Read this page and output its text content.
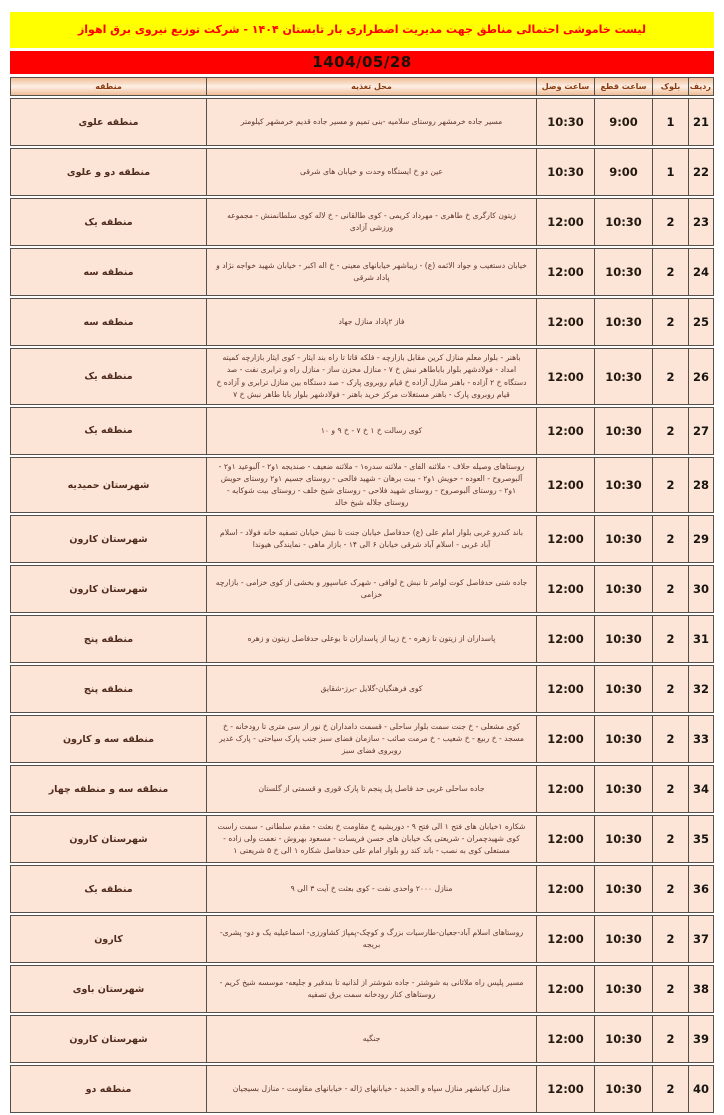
لیست خاموشی احتمالی مناطق جهت مدیریت اضطراری بار تابستان ۱۴۰۴ - شرکت توزیع نیروی برق اهواز
1404/05/28
ردیف	بلوک	ساعت قطع	ساعت وصل	محل تغذیه	منطقه
21	1	9:00	10:30	مسیر جاده خرمشهر روستای سلامیه -بنی تمیم و مسیر جاده قدیم خرمشهر کیلومتر	منطقه علوی
22	1	9:00	10:30	عین دو خ ایستگاه وحدت و خیابان های شرقی	منطقه دو و علوی
23	2	10:30	12:00	زیتون کارگری خ طاهری - مهرداد کریمی - کوی طالقانی - خ لاله کوی سلطانمنش - مجموعه ورزشی آزادی	منطقه یک
24	2	10:30	12:00	خیابان دستغیب و جواد الائمه (ع) - زیباشهر خیابانهای معینی - خ اله اکبر - خیابان شهید خواجه نژاد و پاداد شرقی	منطقه سه
25	2	10:30	12:00	فاز ۲پاداد منازل جهاد	منطقه سه
26	2	10:30	12:00	باهنر - بلوار معلم منازل کرین مقابل بازارچه - فلکه قاتا تا راه بند ایثار - کوی ایثار بازارچه کمیته امداد - فولادشهر بلوار باباطاهر نبش خ ۷ - منازل مخزن ساز - منازل راه و ترابری نفت - صد دستگاه خ ۲ آزاده - باهنر منازل آزاده خ قیام روبروی پارک - صد دستگاه بین منازل ترابری و آزاده خ قیام روبروی پارک - باهنر مستغلات مرکز خرید باهنر - فولادشهر بلوار بابا طاهر نبش خ ۷	منطقه یک
27	2	10:30	12:00	کوی رسالت خ ۱ خ ۷ - خ ۹ و ۱۰	منطقه یک
28	2	10:30	12:00	روستاهای وصیله حلاف - ملاثنه الفای - ملاثنه سدره۱ - ملاثنه ضعیف - صندیجه ۱و۲ - آلبوعید ۱و۲ - آلبوصروح - العوده - حویش ۱و۲ - بیت برهان - شهید فالحی - روستای جسیم ۱و۲ روستای حویش ۱و۲ - روستای آلبوصروح - روستای شهید فلاحی - روستای شیخ خلف - روستای بیت شوکایه - روستای جلاله شیخ خالد	شهرستان حمیدیه
29	2	10:30	12:00	باند کندرو غربی بلوار امام علی (ع) حدفاصل خیابان جنت تا نبش خیابان تصفیه خانه فولاد - اسلام آباد غربی - اسلام آباد شرقی خیابان ۶ الی ۱۴ - بازار ماهی - نمایندگی هیوندا	شهرستان کارون
30	2	10:30	12:00	جاده شنی حدفاصل کوت لوامر تا نبش خ لوافی - شهرک عباسپور و بخشی از کوی خزامی - بازارچه خزامی	شهرستان کارون
31	2	10:30	12:00	پاسداران از زیتون تا زهره - خ زیبا از پاسداران تا بوعلی حدفاصل زیتون و زهره	منطقه پنج
32	2	10:30	12:00	کوی فرهنگیان-گلایل -برز-شقایق	منطقه پنج
33	2	10:30	12:00	کوی مشعلی - خ جنت سمت بلوار ساحلی - قسمت دامداران خ نور از سی متری تا رودخانه - خ مسجد - خ ربیع - خ شعیب - خ مرمت صائب - سازمان فضای سبز جنب پارک سیاحتی - پارک غدیر روبروی فضای سبز	منطقه سه و کارون
34	2	10:30	12:00	جاده ساحلی غربی حد فاصل پل پنجم تا پارک قوری و قسمتی از گلستان	منطقه سه و منطقه چهار
35	2	10:30	12:00	شکاره ۱خیابان های فتح ۱ الی فتح ۹ - دوربشیه خ مقاومت خ بعثت - مقدم سلطانی - سمت راست کوی شهیدچمران - شریعتی یک خیابان های حسن فریسات - مسعود بهروش - نعمت ولی زاده - مستعلی کوی به نصب - باند کند رو بلوار امام علی حدفاصل شکاره ۱ الی خ ۵ شریعتی ۱	شهرستان کارون
36	2	10:30	12:00	منازل ۲۰۰۰ واحدی نفت - کوی بعثت خ آیت ۳ الی ۹	منطقه یک
37	2	10:30	12:00	روستاهای اسلام آباد-جعیان-طارسیات بزرگ و کوچک-پمپاژ کشاورزی- اسماعیلیه یک و دو- پشری- بریجه	کارون
38	2	10:30	12:00	مسیر پلیس راه ملاثانی به شوشتر - جاده شوشتر از لذانیه تا بندقیر و جلیعه- موسسه شیخ کریم - روستاهای کنار رودخانه سمت برق تصفیه	شهرستان باوی
39	2	10:30	12:00	جنگیه	شهرستان کارون
40	2	10:30	12:00	منازل کیانشهر منازل سپاه و الحدید - خیابانهای ژاله - خیابانهای مقاومت - منازل بسیجیان	منطقه دو
